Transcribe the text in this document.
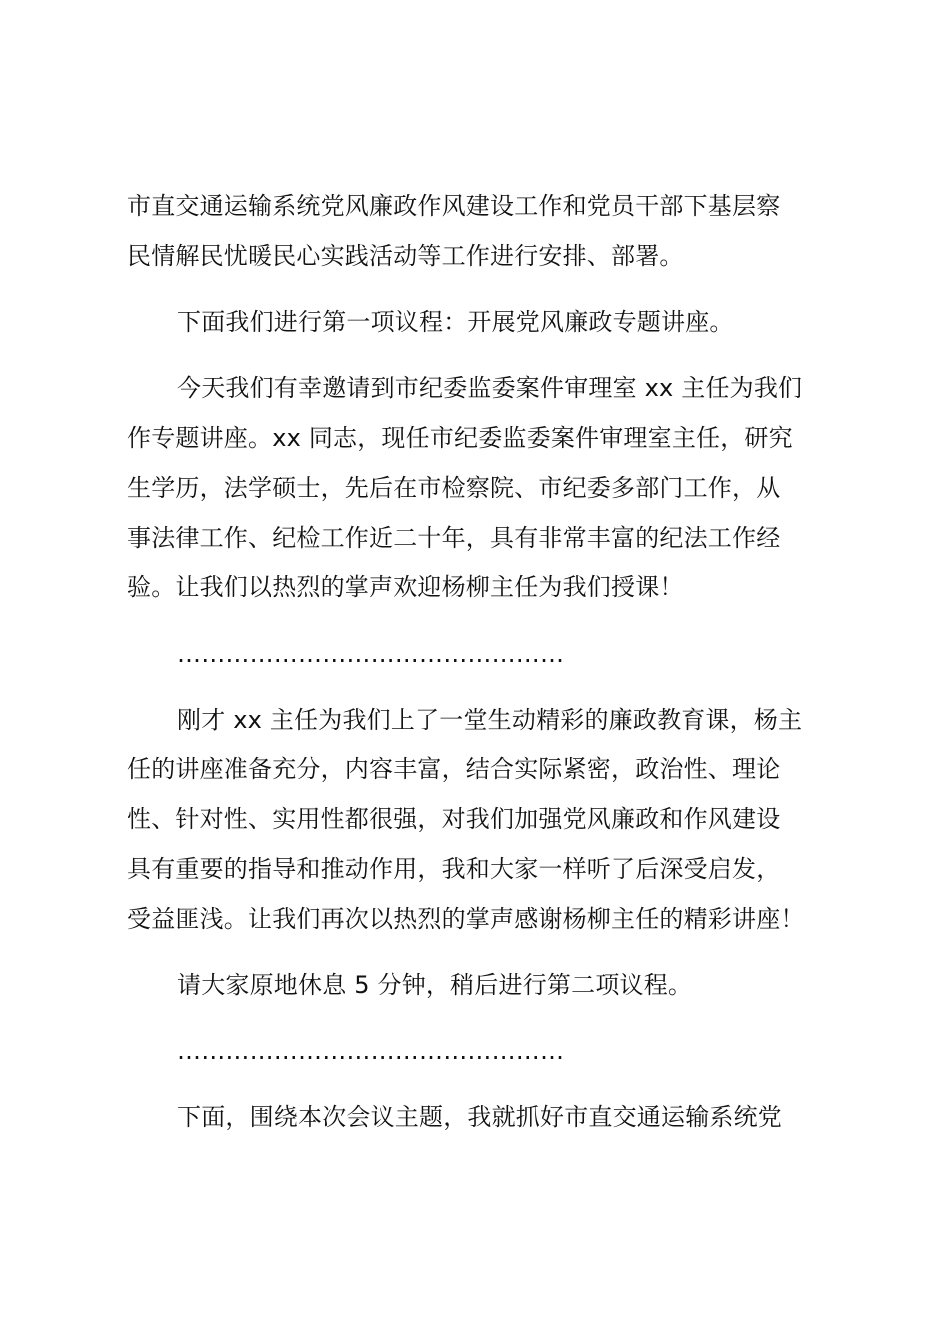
市直交通运输系统党风廉政作风建设工作和党员干部下基层察
民情解民忧暖民心实践活动等工作进行安排、部署。
下面我们进行第一项议程：开展党风廉政专题讲座。
今天我们有幸邀请到市纪委监委案件审理室 xx 主任为我们
作专题讲座。xx 同志，现任市纪委监委案件审理室主任，研究
生学历，法学硕士，先后在市检察院、市纪委多部门工作，从
事法律工作、纪检工作近二十年，具有非常丰富的纪法工作经
验。让我们以热烈的掌声欢迎杨柳主任为我们授课！
…………………………………………
刚才 xx 主任为我们上了一堂生动精彩的廉政教育课，杨主
任的讲座准备充分，内容丰富，结合实际紧密，政治性、理论
性、针对性、实用性都很强，对我们加强党风廉政和作风建设
具有重要的指导和推动作用，我和大家一样听了后深受启发，
受益匪浅。让我们再次以热烈的掌声感谢杨柳主任的精彩讲座！
请大家原地休息 5 分钟，稍后进行第二项议程。
…………………………………………
下面，围绕本次会议主题，我就抓好市直交通运输系统党
